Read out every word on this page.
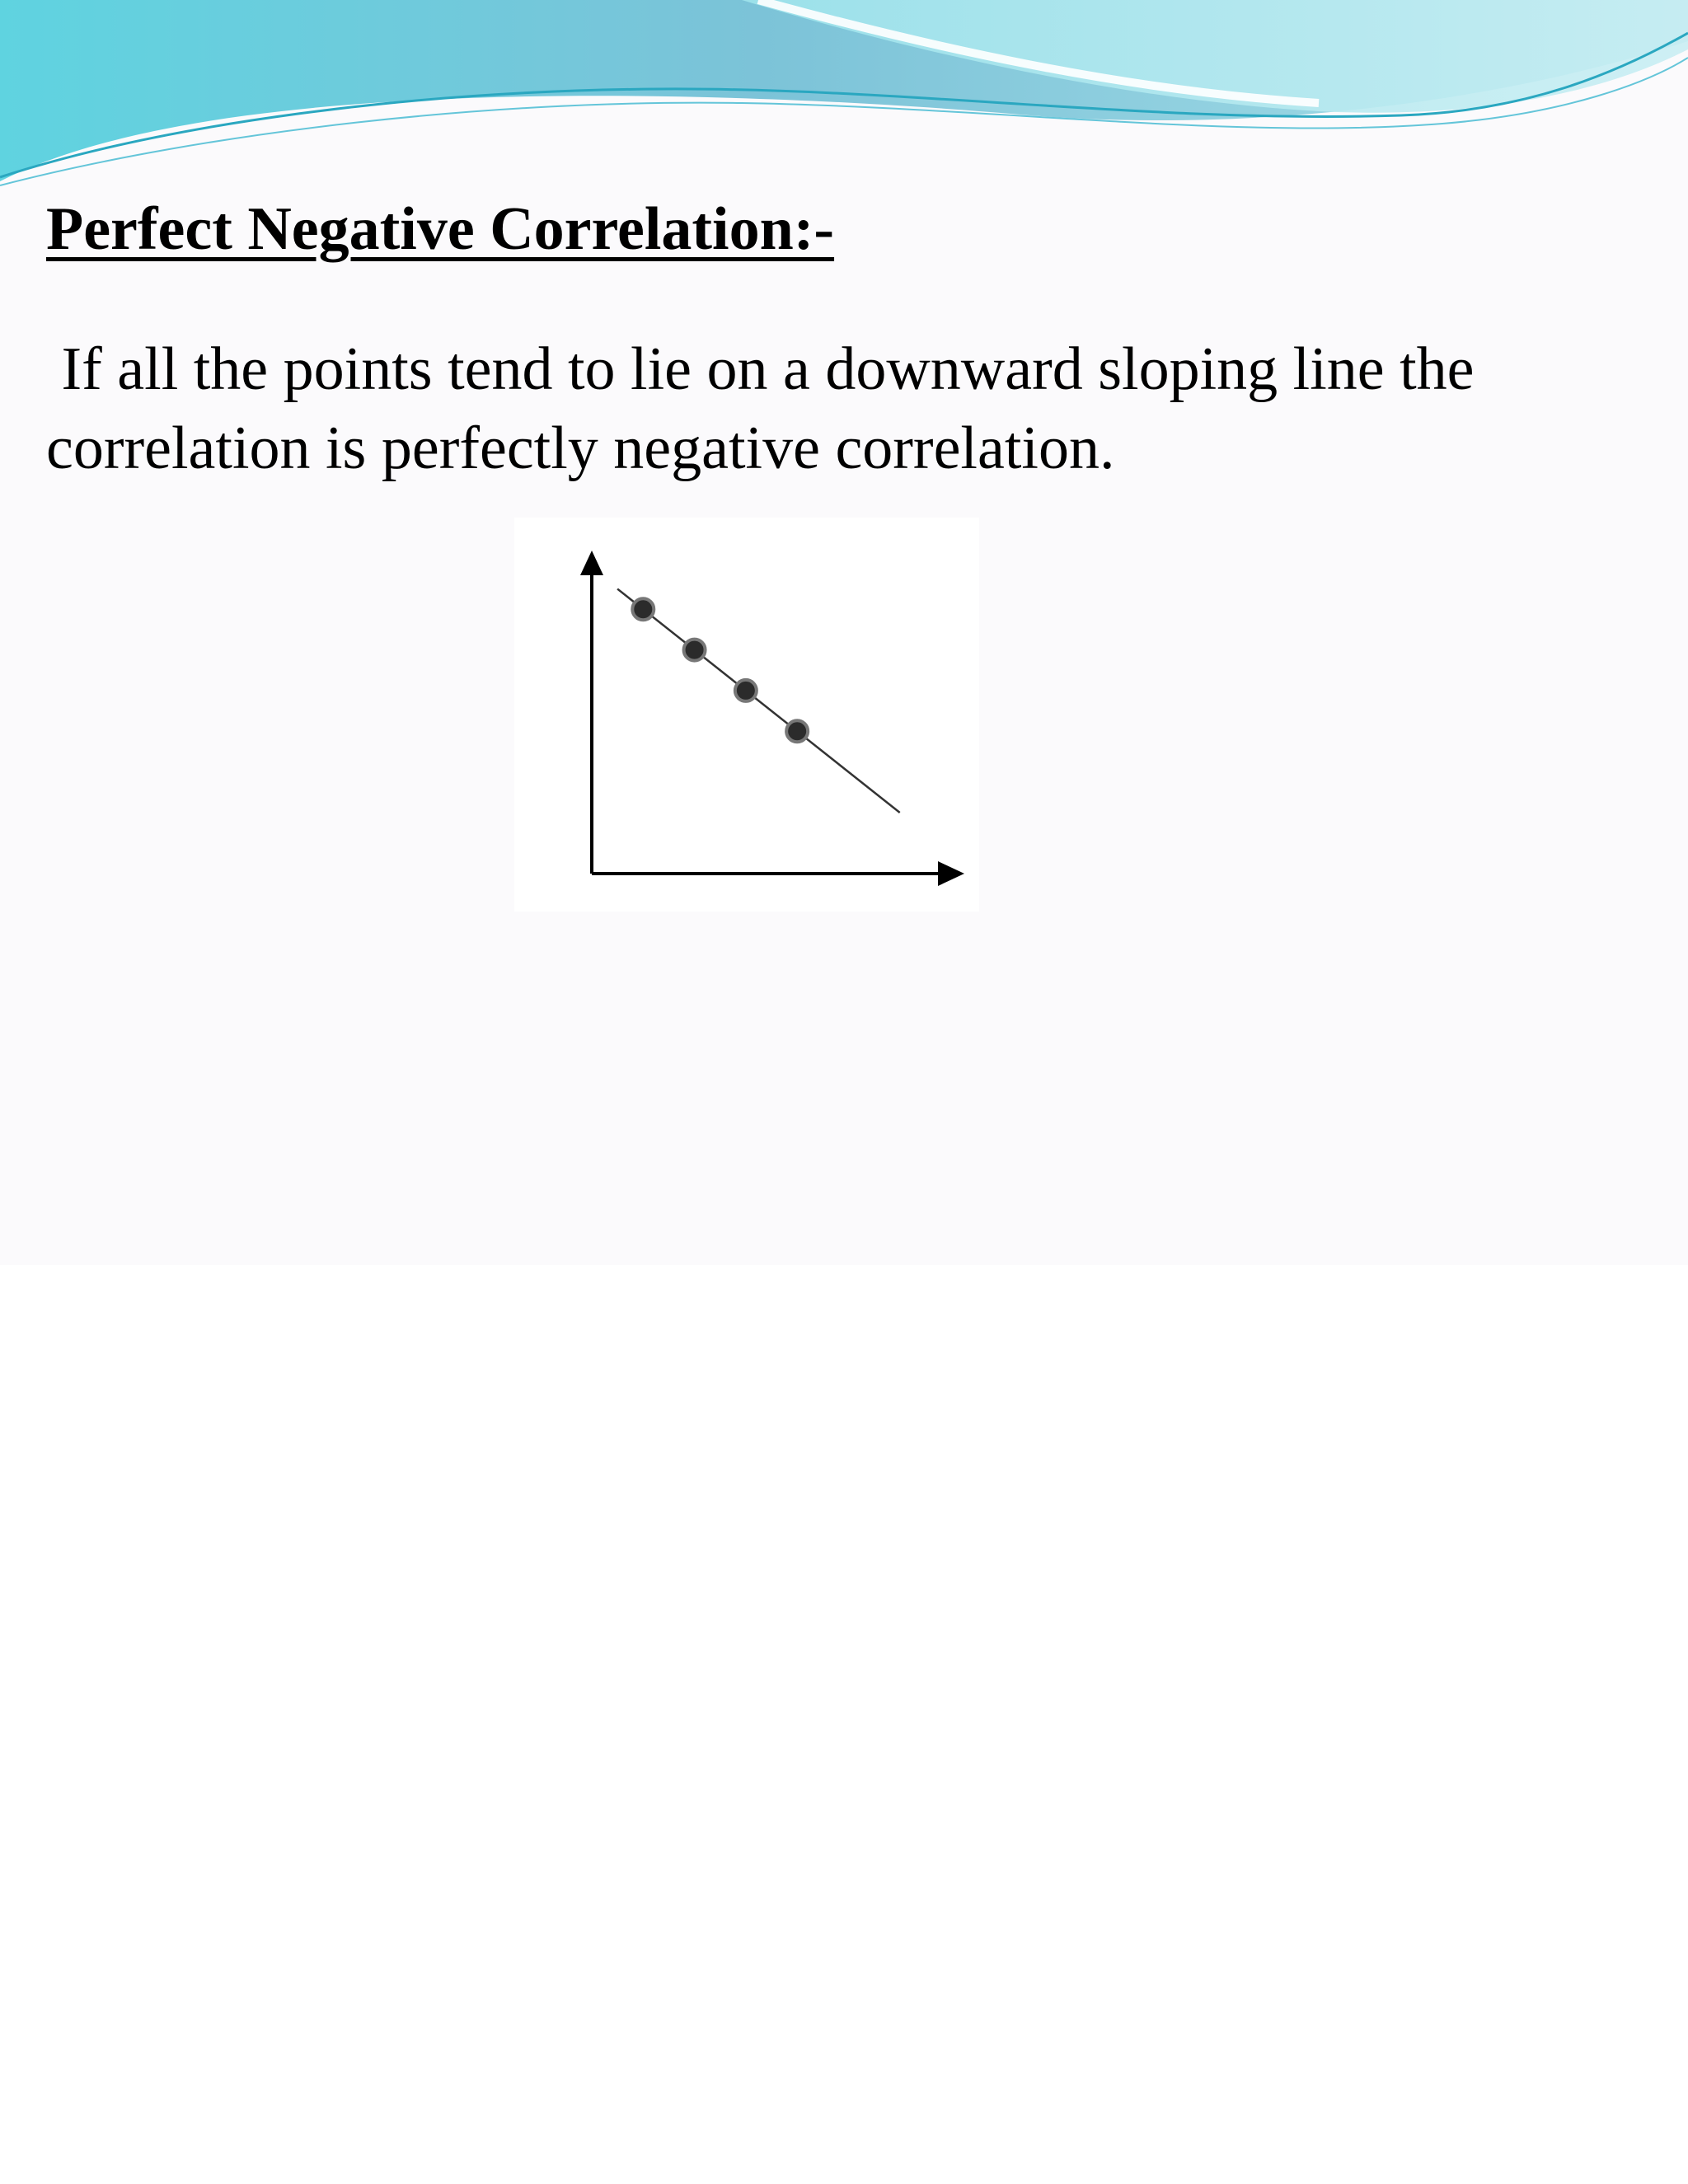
Perfect Negative Correlation:-

If all the points tend to lie on a downward sloping line the correlation is perfectly negative correlation.
